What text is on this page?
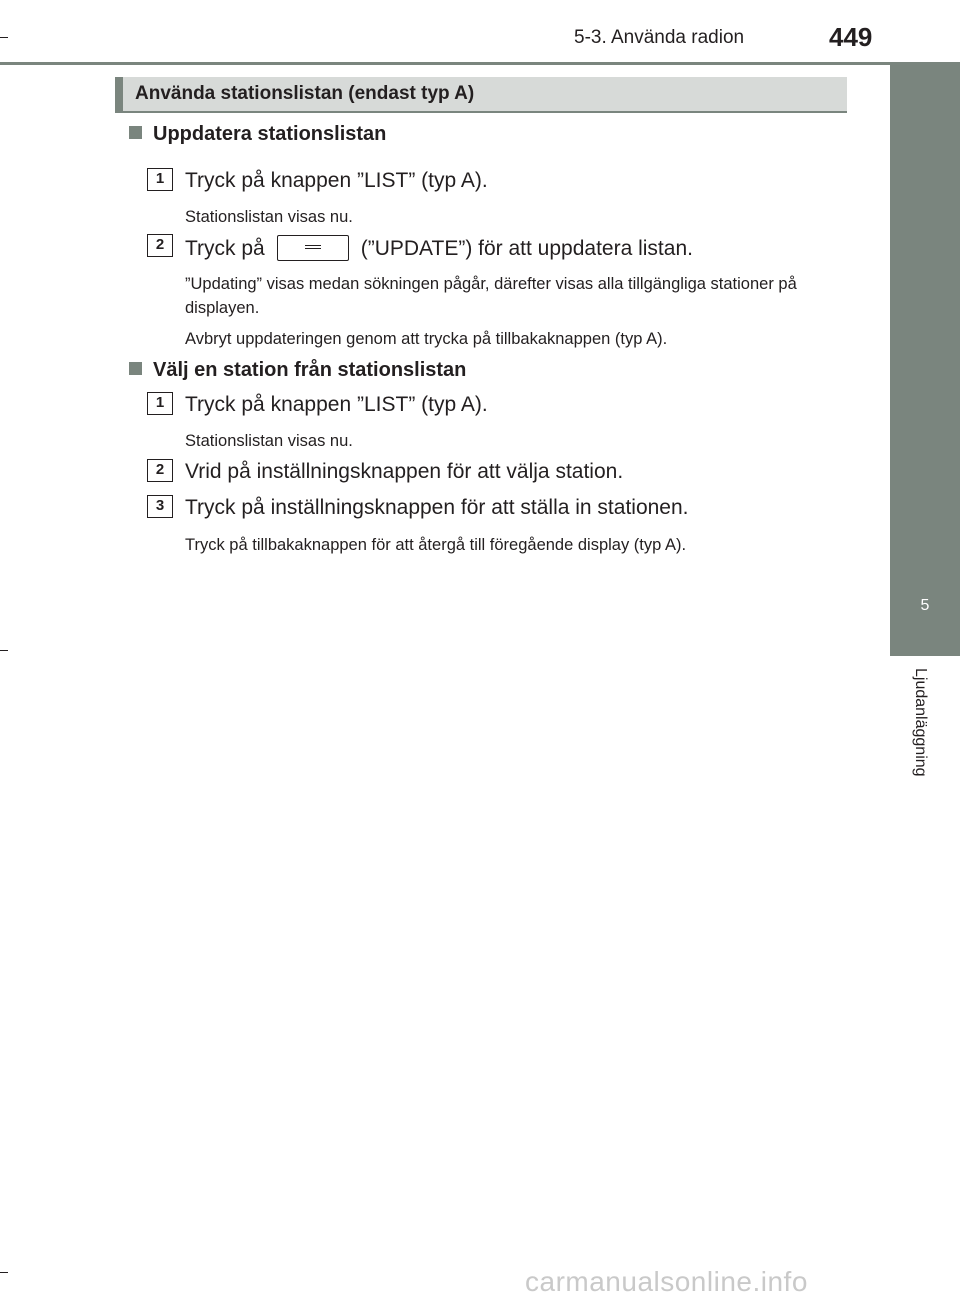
5-3. Använda radion	449
5
Ljudanläggning
Använda stationslistan (endast typ A)
Uppdatera stationslistan
1 Tryck på knappen ”LIST” (typ A).
Stationslistan visas nu.
2 Tryck på	(”UPDATE”) för att uppdatera listan.
”Updating” visas medan sökningen pågår, därefter visas alla tillgängliga stationer på displayen.
Avbryt uppdateringen genom att trycka på tillbakaknappen (typ A).
Välj en station från stationslistan
1 Tryck på knappen ”LIST” (typ A).
Stationslistan visas nu.
2 Vrid på inställningsknappen för att välja station.
3 Tryck på inställningsknappen för att ställa in stationen.
Tryck på tillbakaknappen för att återgå till föregående display (typ A).
carmanualsonline.info
